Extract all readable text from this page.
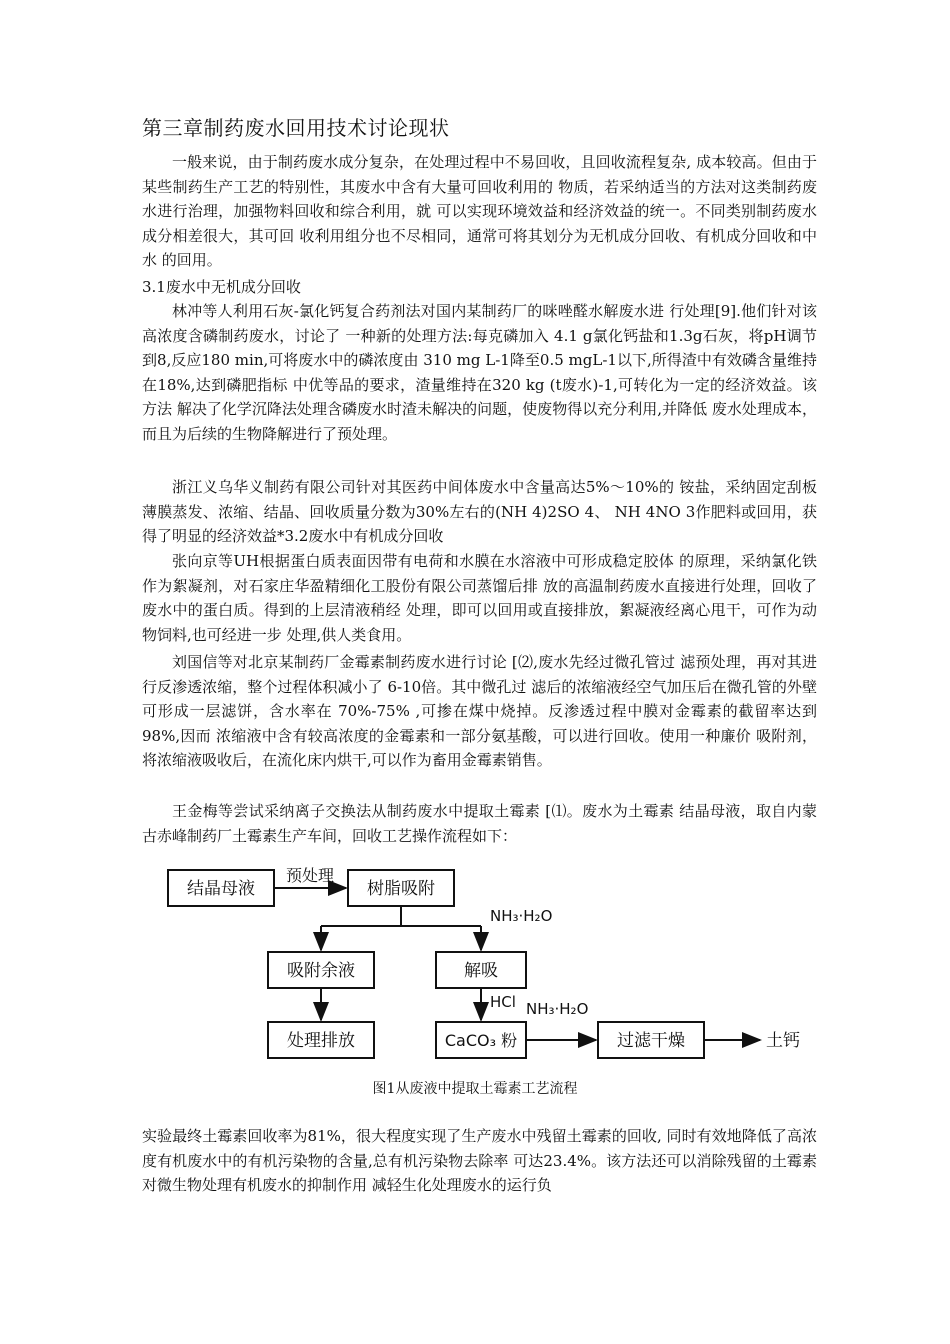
第三章制药废水回用技术讨论现状

一般来说，由于制药废水成分复杂，在处理过程中不易回收，且回收流程复杂, 成本较高。但由于某些制药生产工艺的特别性，其废水中含有大量可回收利用的 物质，若采纳适当的方法对这类制药废水进行治理，加强物料回收和综合利用，就 可以实现环境效益和经济效益的统一。不同类别制药废水成分相差很大，其可回 收利用组分也不尽相同，通常可将其划分为无机成分回收、有机成分回收和中水 的回用。

3.1废水中无机成分回收

林冲等人利用石灰-氯化钙复合药剂法对国内某制药厂的咪唑醛水解废水进 行处理[9].他们针对该高浓度含磷制药废水，讨论了 一种新的处理方法:每克磷加入 4.1 g氯化钙盐和1.3g石灰，将pH调节到8,反应180 min,可将废水中的磷浓度由 310 mg L-1降至0.5 mgL-1以下,所得渣中有效磷含量维持在18%,达到磷肥指标 中优等品的要求，渣量维持在320 kg (t废水)-1,可转化为一定的经济效益。该方法 解决了化学沉降法处理含磷废水时渣未解决的问题，使废物得以充分利用,并降低 废水处理成本，而且为后续的生物降解进行了预处理。

浙江义乌华义制药有限公司针对其医药中间体废水中含量高达5%〜10%的 铵盐，采纳固定刮板薄膜蒸发、浓缩、结晶、回收质量分数为30%左右的(NH 4)2SO 4、 NH 4NO 3作肥料或回用，获得了明显的经济效益*3.2废水中有机成分回收

张向京等UH根据蛋白质表面因带有电荷和水膜在水溶液中可形成稳定胶体 的原理，采纳氯化铁作为絮凝剂，对石家庄华盈精细化工股份有限公司蒸馏后排 放的高温制药废水直接进行处理，回收了废水中的蛋白质。得到的上层清液稍经 处理，即可以回用或直接排放，絮凝液经离心甩干，可作为动物饲料,也可经进一步 处理,供人类食用。

刘国信等对北京某制药厂金霉素制药废水进行讨论 [⑵,废水先经过微孔管过 滤预处理，再对其进行反渗透浓缩，整个过程体积减小了 6-10倍。其中微孔过 滤后的浓缩液经空气加压后在微孔管的外壁可形成一层滤饼，含水率在 70%-75% ,可掺在煤中烧掉。反渗透过程中膜对金霉素的截留率达到98%,因而 浓缩液中含有较高浓度的金霉素和一部分氨基酸，可以进行回收。使用一种廉价 吸附剂，将浓缩液吸收后，在流化床内烘干,可以作为畜用金霉素销售。

王金梅等尝试采纳离子交换法从制药废水中提取土霉素 [⑴。废水为土霉素 结晶母液，取自内蒙古赤峰制药厂土霉素生产车间，回收工艺操作流程如下：

结晶母液
预处理
树脂吸附
NH₃·H₂O
吸附余液	解吸
HCl NH₃·H₂O
处理排放	CaCO₃ 粉	过滤干燥	土钙
图1从废液中提取土霉素工艺流程

实验最终土霉素回收率为81%，很大程度实现了生产废水中残留土霉素的回收, 同时有效地降低了高浓度有机废水中的有机污染物的含量,总有机污染物去除率 可达23.4%。该方法还可以消除残留的土霉素对微生物处理有机废水的抑制作用 减轻生化处理废水的运行负
